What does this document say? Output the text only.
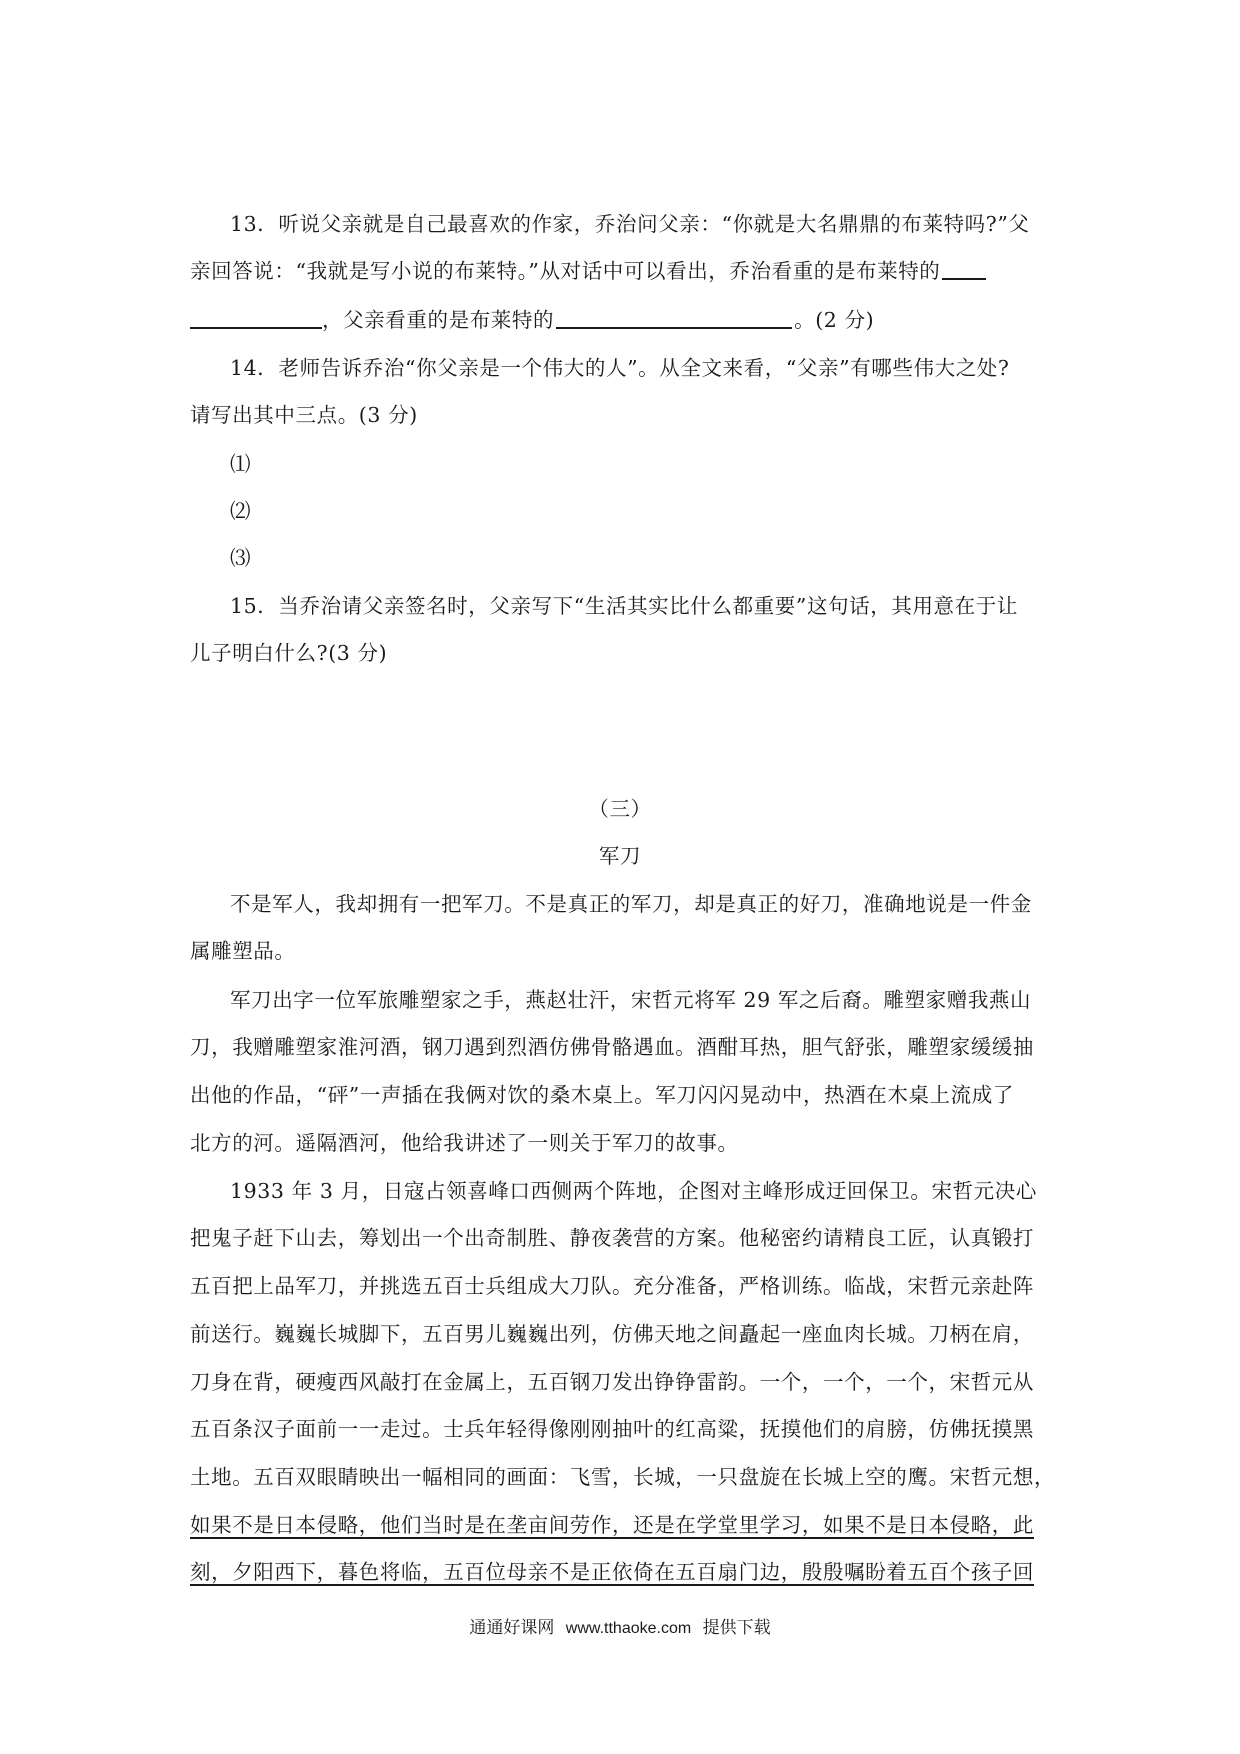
13．听说父亲就是自己最喜欢的作家，乔治问父亲：“你就是大名鼎鼎的布莱特吗?”父
亲回答说：“我就是写小说的布莱特。”从对话中可以看出，乔治看重的是布莱特的
，父亲看重的是布莱特的	。(2 分)
14．老师告诉乔治“你父亲是一个伟大的人”。从全文来看，“父亲”有哪些伟大之处?
请写出其中三点。(3 分)
⑴
⑵
⑶
15．当乔治请父亲签名时，父亲写下“生活其实比什么都重要”这句话，其用意在于让
儿子明白什么?(3 分)
（三）
军刀
不是军人，我却拥有一把军刀。不是真正的军刀，却是真正的好刀，准确地说是一件金
属雕塑品。
军刀出字一位军旅雕塑家之手，燕赵壮汗，宋哲元将军 29 军之后裔。雕塑家赠我燕山
刀，我赠雕塑家淮河酒，钢刀遇到烈酒仿佛骨骼遇血。酒酣耳热，胆气舒张，雕塑家缓缓抽
出他的作品，“砰”一声插在我俩对饮的桑木桌上。军刀闪闪晃动中，热酒在木桌上流成了
北方的河。遥隔酒河，他给我讲述了一则关于军刀的故事。
1933 年 3 月，日寇占领喜峰口西侧两个阵地，企图对主峰形成迂回保卫。宋哲元决心
把鬼子赶下山去，筹划出一个出奇制胜、静夜袭营的方案。他秘密约请精良工匠，认真锻打
五百把上品军刀，并挑选五百士兵组成大刀队。充分准备，严格训练。临战，宋哲元亲赴阵
前送行。巍巍长城脚下，五百男儿巍巍出列，仿佛天地之间矗起一座血肉长城。刀柄在肩，
刀身在背，硬瘦西风敲打在金属上，五百钢刀发出铮铮雷韵。一个，一个，一个，宋哲元从
五百条汉子面前一一走过。士兵年轻得像刚刚抽叶的红高粱，抚摸他们的肩膀，仿佛抚摸黑
土地。五百双眼睛映出一幅相同的画面：飞雪，长城，一只盘旋在长城上空的鹰。宋哲元想，
如果不是日本侵略，他们当时是在垄亩间劳作，还是在学堂里学习，如果不是日本侵略，此
刻，夕阳西下，暮色将临，五百位母亲不是正依倚在五百扇门边，殷殷嘱盼着五百个孩子回
通通好课网 www.tthaoke.com 提供下载
